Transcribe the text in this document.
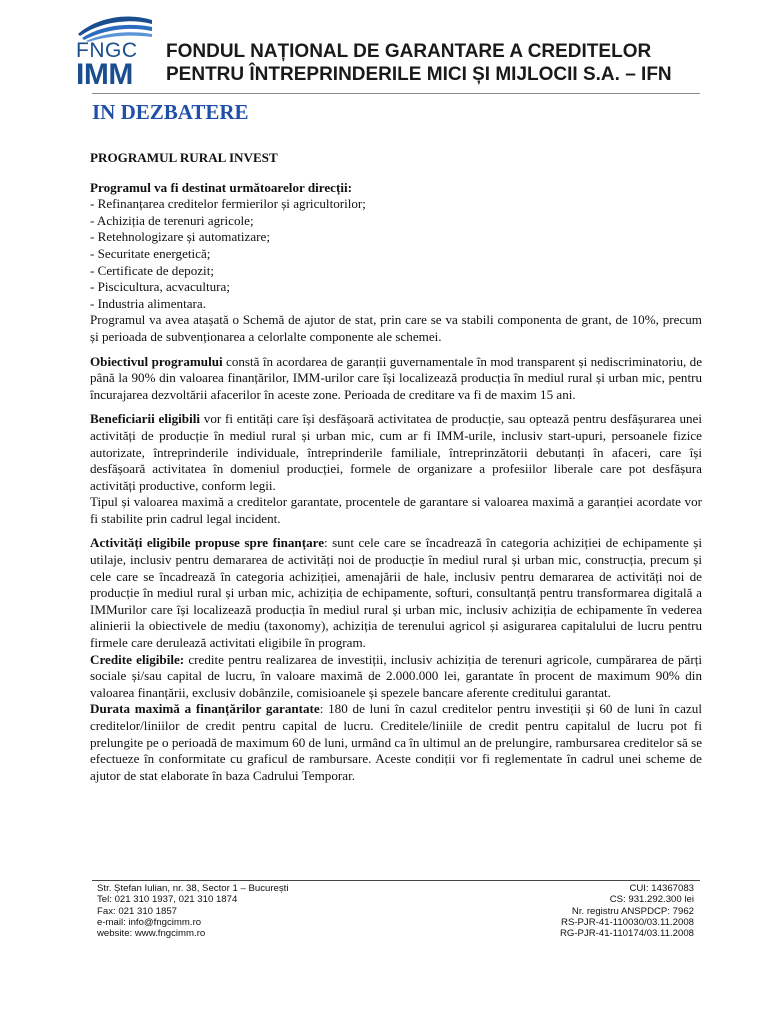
FNGC
IMM
FONDUL NAȚIONAL DE GARANTARE A CREDITELOR
PENTRU ÎNTREPRINDERILE MICI ȘI MIJLOCII S.A. – IFN
IN DEZBATERE

PROGRAMUL RURAL INVEST

Programul va fi destinat următoarelor direcții:

- Refinanțarea creditelor fermierilor și agricultorilor;

- Achiziția de terenuri agricole;

- Retehnologizare și automatizare;

- Securitate energetică;

- Certificate de depozit;

- Piscicultura, acvacultura;

- Industria alimentara.

Programul va avea atașată o Schemă de ajutor de stat, prin care se va stabili componenta de grant, de 10%, precum și perioada de subvenționarea a celorlalte componente ale schemei.

Obiectivul programului constă în acordarea de garanții guvernamentale în mod transparent și nediscriminatoriu, de până la 90% din valoarea finanțărilor, IMM-urilor care își localizează producția în mediul rural și urban mic, pentru încurajarea dezvoltării afacerilor în aceste zone. Perioada de creditare va fi de maxim 15 ani.

Beneficiarii eligibili vor fi entități care își desfășoară activitatea de producție, sau optează pentru desfășurarea unei activități de producție în mediul rural și urban mic, cum ar fi IMM-urile, inclusiv start-upuri, persoanele fizice autorizate, întreprinderile individuale, întreprinderile familiale, întreprinzătorii debutanți în afaceri, care își desfășoară activitatea în domeniul producției, formele de organizare a profesiilor liberale care pot desfășura activități productive, conform legii.

Tipul și valoarea maximă a creditelor garantate, procentele de garantare si valoarea maximă a garanției acordate vor fi stabilite prin cadrul legal incident.

Activități eligibile propuse spre finanțare: sunt cele care se încadrează în categoria achiziției de echipamente și utilaje, inclusiv pentru demararea de activități noi de producție în mediul rural și urban mic, construcția, precum și cele care se încadrează în categoria achiziției, amenajării de hale, inclusiv pentru demararea de activități noi de producție în mediul rural și urban mic, achiziția de echipamente, softuri, consultanță pentru transformarea digitală a IMMurilor care își localizează producția în mediul rural și urban mic, inclusiv achiziția de echipamente în vederea alinierii la obiectivele de mediu (taxonomy), achiziția de terenului agricol și asigurarea capitalului de lucru pentru firmele care derulează activitati eligibile în program.

Credite eligibile: credite pentru realizarea de investiții, inclusiv achiziția de terenuri agricole, cumpărarea de părți sociale și/sau capital de lucru, în valoare maximă de 2.000.000 lei, garantate în procent de maximum 90% din valoarea finanțării, exclusiv dobânzile, comisioanele și spezele bancare aferente creditului garantat.

Durata maximă a finanțărilor garantate: 180 de luni în cazul creditelor pentru investiții și 60 de luni în cazul creditelor/liniilor de credit pentru capital de lucru. Creditele/liniile de credit pentru capitalul de lucru pot fi prelungite pe o perioadă de maximum 60 de luni, urmând ca în ultimul an de prelungire, rambursarea creditelor să se efectueze în conformitate cu graficul de rambursare. Aceste condiții vor fi reglementate în cadrul unei scheme de ajutor de stat elaborate în baza Cadrului Temporar.

Str. Ștefan Iulian, nr. 38, Sector 1 – București
Tel: 021 310 1937, 021 310 1874
Fax: 021 310 1857
e-mail: info@fngcimm.ro
website: www.fngcimm.ro
CUI: 14367083
CS: 931.292.300 lei
Nr. registru ANSPDCP: 7962
RS-PJR-41-110030/03.11.2008
RG-PJR-41-110174/03.11.2008
